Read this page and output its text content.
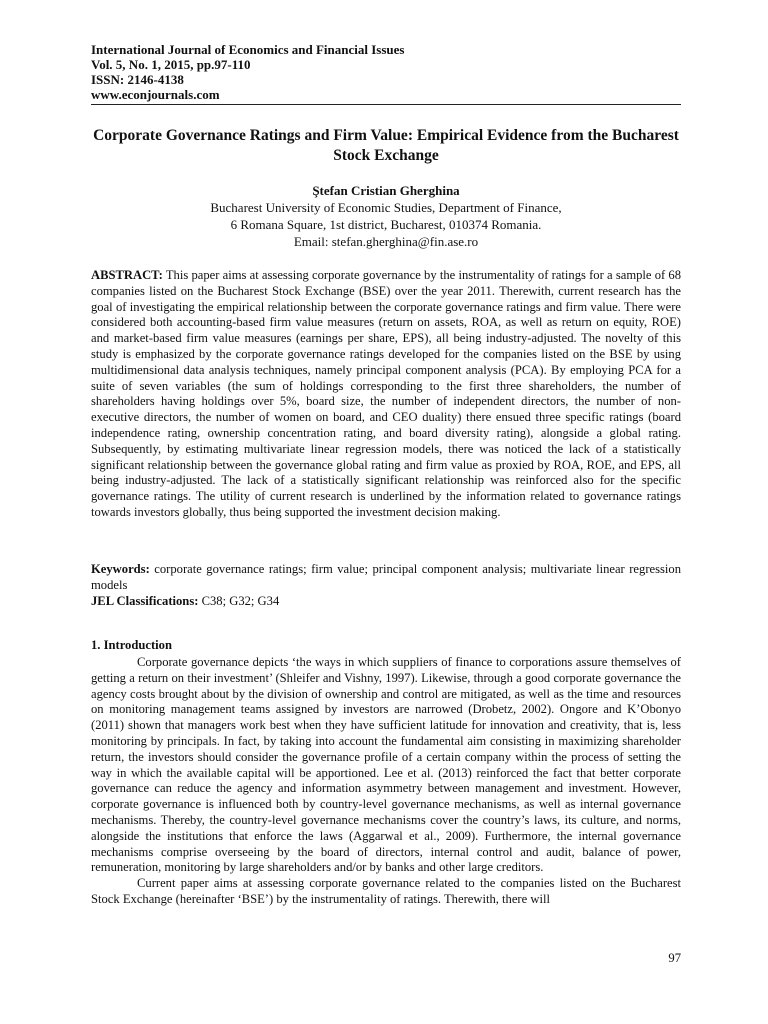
International Journal of Economics and Financial Issues
Vol. 5, No. 1, 2015, pp.97-110
ISSN: 2146-4138
www.econjournals.com
Corporate Governance Ratings and Firm Value: Empirical Evidence from the Bucharest Stock Exchange
Ştefan Cristian Gherghina
Bucharest University of Economic Studies, Department of Finance,
6 Romana Square, 1st district, Bucharest, 010374 Romania.
Email: stefan.gherghina@fin.ase.ro
ABSTRACT: This paper aims at assessing corporate governance by the instrumentality of ratings for a sample of 68 companies listed on the Bucharest Stock Exchange (BSE) over the year 2011. Therewith, current research has the goal of investigating the empirical relationship between the corporate governance ratings and firm value. There were considered both accounting-based firm value measures (return on assets, ROA, as well as return on equity, ROE) and market-based firm value measures (earnings per share, EPS), all being industry-adjusted. The novelty of this study is emphasized by the corporate governance ratings developed for the companies listed on the BSE by using multidimensional data analysis techniques, namely principal component analysis (PCA). By employing PCA for a suite of seven variables (the sum of holdings corresponding to the first three shareholders, the number of shareholders having holdings over 5%, board size, the number of independent directors, the number of non-executive directors, the number of women on board, and CEO duality) there ensued three specific ratings (board independence rating, ownership concentration rating, and board diversity rating), alongside a global rating. Subsequently, by estimating multivariate linear regression models, there was noticed the lack of a statistically significant relationship between the governance global rating and firm value as proxied by ROA, ROE, and EPS, all being industry-adjusted. The lack of a statistically significant relationship was reinforced also for the specific governance ratings. The utility of current research is underlined by the information related to governance ratings towards investors globally, thus being supported the investment decision making.
Keywords: corporate governance ratings; firm value; principal component analysis; multivariate linear regression models
JEL Classifications: C38; G32; G34
1. Introduction

Corporate governance depicts ‘the ways in which suppliers of finance to corporations assure themselves of getting a return on their investment’ (Shleifer and Vishny, 1997). Likewise, through a good corporate governance the agency costs brought about by the division of ownership and control are mitigated, as well as the time and resources on monitoring management teams assigned by investors are narrowed (Drobetz, 2002). Ongore and K’Obonyo (2011) shown that managers work best when they have sufficient latitude for innovation and creativity, that is, less monitoring by principals. In fact, by taking into account the fundamental aim consisting in maximizing shareholder return, the investors should consider the governance profile of a certain company within the process of setting the way in which the available capital will be apportioned. Lee et al. (2013) reinforced the fact that better corporate governance can reduce the agency and information asymmetry between management and investment. However, corporate governance is influenced both by country-level governance mechanisms, as well as internal governance mechanisms. Thereby, the country-level governance mechanisms cover the country’s laws, its culture, and norms, alongside the institutions that enforce the laws (Aggarwal et al., 2009). Furthermore, the internal governance mechanisms comprise overseeing by the board of directors, internal control and audit, balance of power, remuneration, monitoring by large shareholders and/or by banks and other large creditors.

Current paper aims at assessing corporate governance related to the companies listed on the Bucharest Stock Exchange (hereinafter ‘BSE’) by the instrumentality of ratings. Therewith, there will

97
